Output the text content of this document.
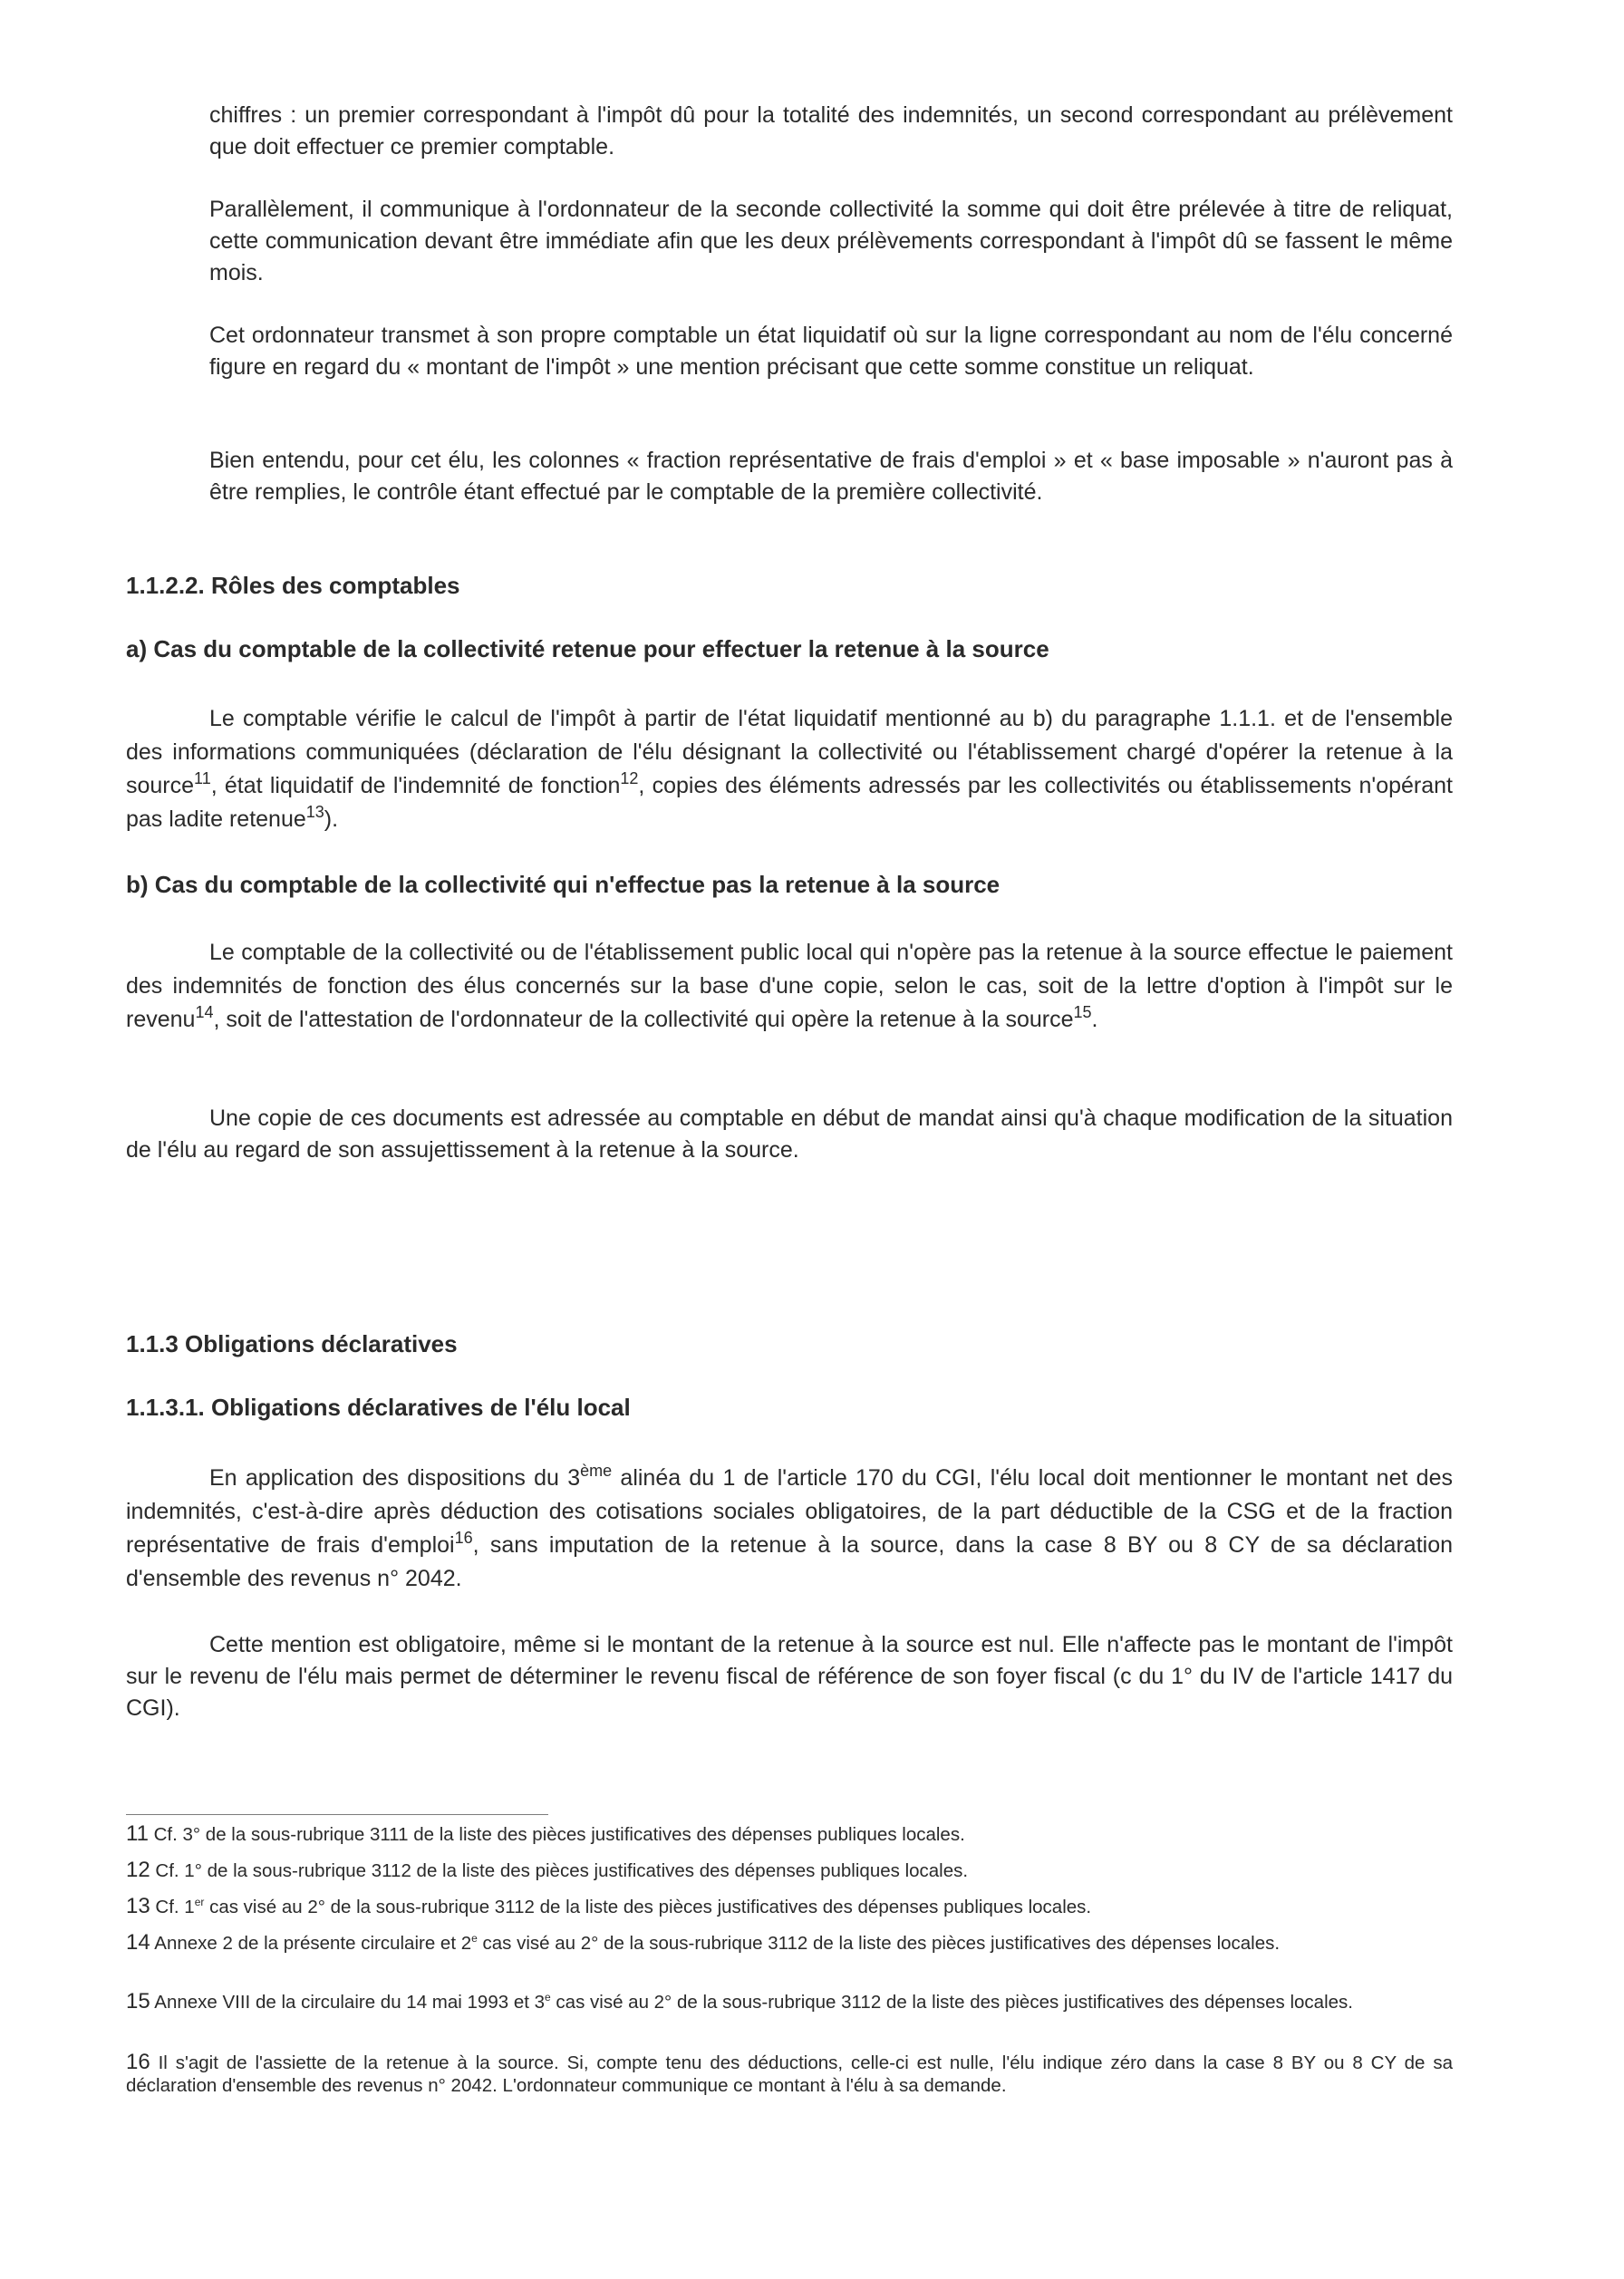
chiffres : un premier correspondant à l'impôt dû pour la totalité des indemnités, un second correspondant au prélèvement que doit effectuer ce premier comptable.

Parallèlement, il communique à l'ordonnateur de la seconde collectivité la somme qui doit être prélevée à titre de reliquat, cette communication devant être immédiate afin que les deux prélèvements correspondant à l'impôt dû se fassent le même mois.

Cet ordonnateur transmet à son propre comptable un état liquidatif où sur la ligne correspondant au nom de l'élu concerné figure en regard du « montant de l'impôt » une mention précisant que cette somme constitue un reliquat.

Bien entendu, pour cet élu, les colonnes « fraction représentative de frais d'emploi » et « base imposable » n'auront pas à être remplies, le contrôle étant effectué par le comptable de la première collectivité.

1.1.2.2. Rôles des comptables
a) Cas du comptable de la collectivité retenue pour effectuer la retenue à la source

Le comptable vérifie le calcul de l'impôt à partir de l'état liquidatif mentionné au b) du paragraphe 1.1.1. et de l'ensemble des informations communiquées (déclaration de l'élu désignant la collectivité ou l'établissement chargé d'opérer la retenue à la source$^{11}$, état liquidatif de l'indemnité de fonction$^{12}$, copies des éléments adressés par les collectivités ou établissements n'opérant pas ladite retenue$^{13}$).

b) Cas du comptable de la collectivité qui n'effectue pas la retenue à la source

Le comptable de la collectivité ou de l'établissement public local qui n'opère pas la retenue à la source effectue le paiement des indemnités de fonction des élus concernés sur la base d'une copie, selon le cas, soit de la lettre d'option à l'impôt sur le revenu$^{14}$, soit de l'attestation de l'ordonnateur de la collectivité qui opère la retenue à la source$^{15}$.

Une copie de ces documents est adressée au comptable en début de mandat ainsi qu'à chaque modification de la situation de l'élu au regard de son assujettissement à la retenue à la source.

1.1.3 Obligations déclaratives
1.1.3.1. Obligations déclaratives de l'élu local

En application des dispositions du 3ème alinéa du 1 de l'article 170 du CGI, l'élu local doit mentionner le montant net des indemnités, c'est-à-dire après déduction des cotisations sociales obligatoires, de la part déductible de la CSG et de la fraction représentative de frais d'emploi$^{16}$, sans imputation de la retenue à la source, dans la case 8 BY ou 8 CY de sa déclaration d'ensemble des revenus n° 2042.

Cette mention est obligatoire, même si le montant de la retenue à la source est nul. Elle n'affecte pas le montant de l'impôt sur le revenu de l'élu mais permet de déterminer le revenu fiscal de référence de son foyer fiscal (c du 1° du IV de l'article 1417 du CGI).

11 Cf. 3° de la sous-rubrique 3111 de la liste des pièces justificatives des dépenses publiques locales.

12 Cf. 1° de la sous-rubrique 3112 de la liste des pièces justificatives des dépenses publiques locales.

13 Cf. 1er cas visé au 2° de la sous-rubrique 3112 de la liste des pièces justificatives des dépenses publiques locales.

14 Annexe 2 de la présente circulaire et 2e cas visé au 2° de la sous-rubrique 3112 de la liste des pièces justificatives des dépenses locales.

15 Annexe VIII de la circulaire du 14 mai 1993 et 3e cas visé au 2° de la sous-rubrique 3112 de la liste des pièces justificatives des dépenses locales.

16 Il s'agit de l'assiette de la retenue à la source. Si, compte tenu des déductions, celle-ci est nulle, l'élu indique zéro dans la case 8 BY ou 8 CY de sa déclaration d'ensemble des revenus n° 2042. L'ordonnateur communique ce montant à l'élu à sa demande.
